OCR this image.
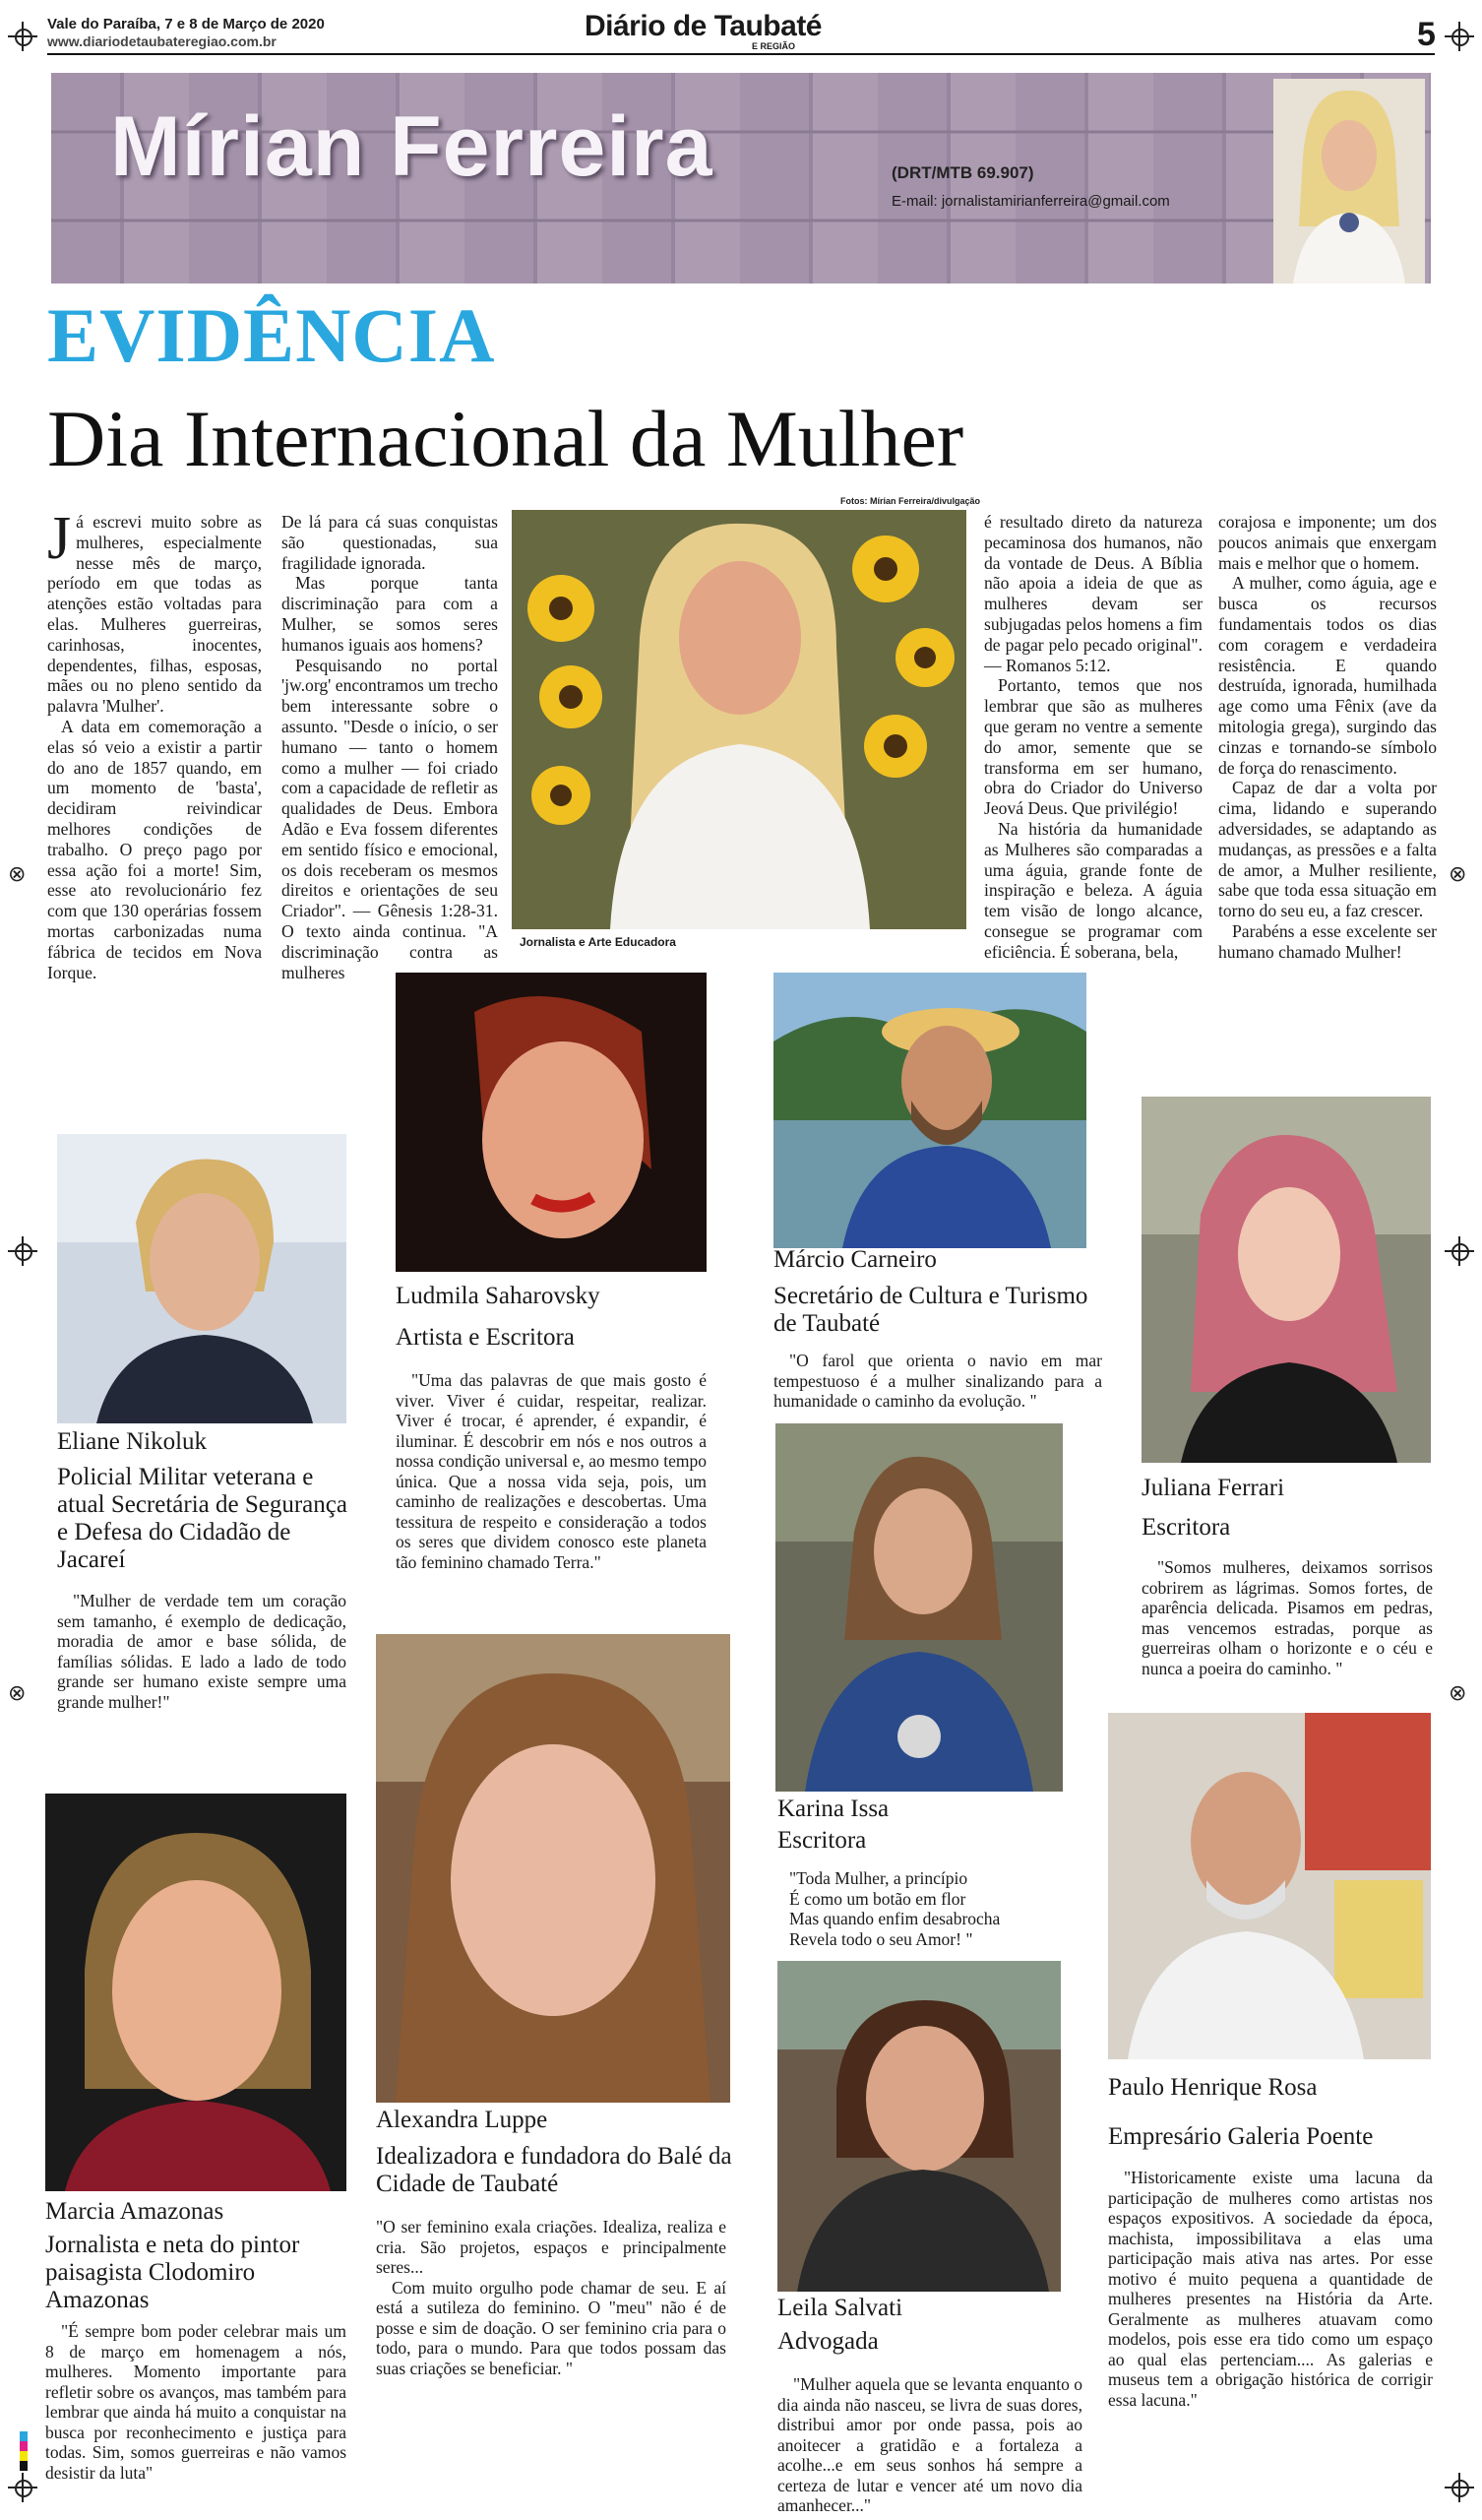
⊗	⊗
⊗	⊗
Vale do Paraíba, 7 e 8 de Março de 2020
www.diariodetaubateregiao.com.br	Diário de Taubaté
E REGIÃO	5
Mírian Ferreira	(DRT/MTB 69.907)
E-mail: jornalistamirianferreira@gmail.com
EVIDÊNCIA
Dia Internacional da Mulher

Já escrevi muito sobre as mulheres, especialmente nesse mês de março, período em que todas as atenções estão voltadas para elas. Mulheres guerreiras, carinhosas, inocentes, dependentes, filhas, esposas, mães ou no pleno sentido da palavra 'Mulher'.

A data em comemoração a elas só veio a existir a partir do ano de 1857 quando, em um momento de 'basta', decidiram reivindicar melhores condições de trabalho. O preço pago por essa ação foi a morte! Sim, esse ato revolucionário fez com que 130 operárias fossem mortas carbonizadas numa fábrica de tecidos em Nova Iorque.

De lá para cá suas conquistas são questionadas, sua fragilidade ignorada.

Mas porque tanta discriminação para com a Mulher, se somos seres humanos iguais aos homens?

Pesquisando no portal 'jw.org' encontramos um trecho bem interessante sobre o assunto. "Desde o início, o ser humano — tanto o homem como a mulher — foi criado com a capacidade de refletir as qualidades de Deus. Embora Adão e Eva fossem diferentes em sentido físico e emocional, os dois receberam os mesmos direitos e orientações de seu Criador". — Gênesis 1:28-31. O texto ainda continua. "A discriminação contra as mulheres

Fotos: Mírian Ferreira/divulgação
Jornalista e Arte Educadora

é resultado direto da natureza pecaminosa dos humanos, não da vontade de Deus. A Bíblia não apoia a ideia de que as mulheres devam ser subjugadas pelos homens a fim de pagar pelo pecado original". — Romanos 5:12.

Portanto, temos que nos lembrar que são as mulheres que geram no ventre a semente do amor, semente que se transforma em ser humano, obra do Criador do Universo Jeová Deus. Que privilégio!

Na história da humanidade as Mulheres são comparadas a uma águia, grande fonte de inspiração e beleza. A águia tem visão de longo alcance, consegue se programar com eficiência. É soberana, bela,

corajosa e imponente; um dos poucos animais que enxergam mais e melhor que o homem.

A mulher, como águia, age e busca os recursos fundamentais todos os dias com coragem e verdadeira resistência. E quando destruída, ignorada, humilhada age como uma Fênix (ave da mitologia grega), surgindo das cinzas e tornando-se símbolo de força do renascimento.

Capaz de dar a volta por cima, lidando e superando adversidades, se adaptando as mudanças, as pressões e a falta de amor, a Mulher resiliente, sabe que toda essa situação em torno do seu eu, a faz crescer.

Parabéns a esse excelente ser humano chamado Mulher!

Ludmila Saharovsky
Artista e Escritora

"Uma das palavras de que mais gosto é viver. Viver é cuidar, respeitar, realizar. Viver é trocar, é aprender, é expandir, é iluminar. É descobrir em nós e nos outros a nossa condição universal e, ao mesmo tempo única. Que a nossa vida seja, pois, um caminho de realizações e descobertas. Uma tessitura de respeito e consideração a todos os seres que dividem conosco este planeta tão feminino chamado Terra."

Márcio Carneiro
Secretário de Cultura e Turismo de Taubaté

"O farol que orienta o navio em mar tempestuoso é a mulher sinalizando para a humanidade o caminho da evolução. "

Eliane Nikoluk
Policial Militar veterana e atual Secretária de Segurança e Defesa do Cidadão de Jacareí

"Mulher de verdade tem um coração sem tamanho, é exemplo de dedicação, moradia de amor e base sólida, de famílias sólidas. E lado a lado de todo grande ser humano existe sempre uma grande mulher!"

Juliana Ferrari
Escritora

"Somos mulheres, deixamos sorrisos cobrirem as lágrimas. Somos fortes, de aparência delicada. Pisamos em pedras, mas vencemos estradas, porque as guerreiras olham o horizonte e o céu e nunca a poeira do caminho. "

Karina Issa
Escritora
"Toda Mulher, a princípio
É como um botão em flor
Mas quando enfim desabrocha
Revela todo o seu Amor! "
Alexandra Luppe
Idealizadora e fundadora do Balé da Cidade de Taubaté

"O ser feminino exala criações. Idealiza, realiza e cria. São projetos, espaços e principalmente seres...

Com muito orgulho pode chamar de seu. E aí está a sutileza do feminino. O "meu" não é de posse e sim de doação. O ser feminino cria para o todo, para o mundo. Para que todos possam das suas criações se beneficiar. "

Paulo Henrique Rosa
Empresário Galeria Poente

"Historicamente existe uma lacuna da participação de mulheres como artistas nos espaços expositivos. A sociedade da época, machista, impossibilitava a elas uma participação mais ativa nas artes. Por esse motivo é muito pequena a quantidade de mulheres presentes na História da Arte. Geralmente as mulheres atuavam como modelos, pois esse era tido como um espaço ao qual elas pertenciam.... As galerias e museus tem a obrigação histórica de corrigir essa lacuna."

Marcia Amazonas
Jornalista e neta do pintor paisagista Clodomiro Amazonas

"É sempre bom poder celebrar mais um 8 de março em homenagem a nós, mulheres. Momento importante para refletir sobre os avanços, mas também para lembrar que ainda há muito a conquistar na busca por reconhecimento e justiça para todas. Sim, somos guerreiras e não vamos desistir da luta"

Leila Salvati
Advogada

"Mulher aquela que se levanta enquanto o dia ainda não nasceu, se livra de suas dores, distribui amor por onde passa, pois ao anoitecer a gratidão e a fortaleza a acolhe...e em seus sonhos há sempre a certeza de lutar e vencer até um novo dia amanhecer..."
